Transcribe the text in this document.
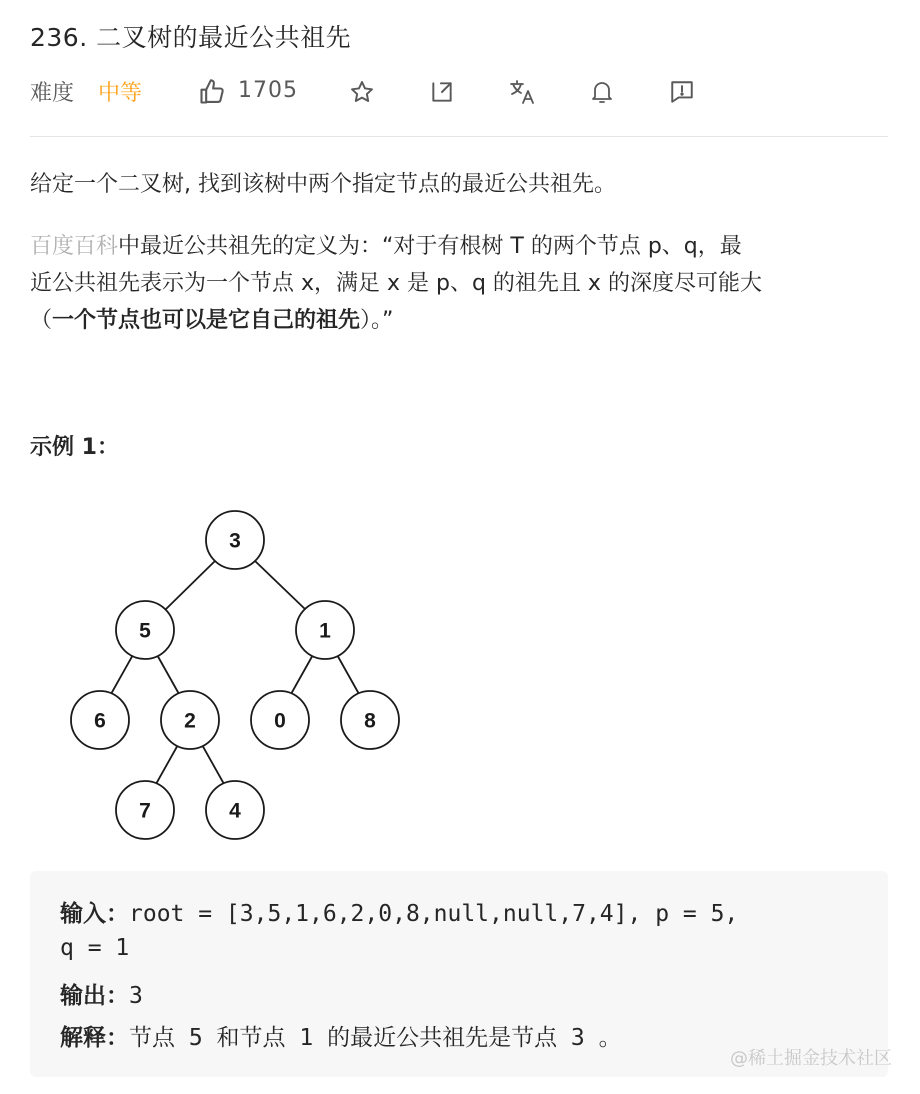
236. 二叉树的最近公共祖先
难度 中等	1705
给定一个二叉树, 找到该树中两个指定节点的最近公共祖先。
百度百科中最近公共祖先的定义为：“对于有根树 T 的两个节点 p、q，最
近公共祖先表示为一个节点 x，满足 x 是 p、q 的祖先且 x 的深度尽可能大
（一个节点也可以是它自己的祖先）。”
示例 1：
3
5	1
6	2	0	8
7	4
输入：root = [3,5,1,6,2,0,8,null,null,7,4], p = 5,
q = 1
输出：3
解释：节点 5 和节点 1 的最近公共祖先是节点 3 。
@稀土掘金技术社区
